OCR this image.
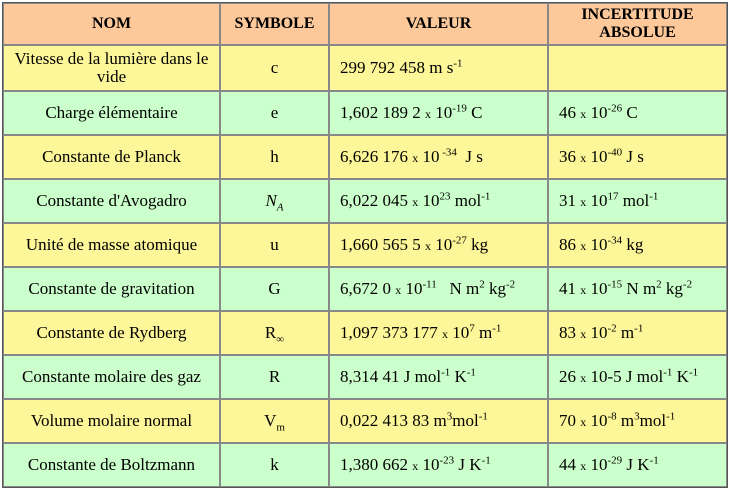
NOM	SYMBOLE	VALEUR	INCERTITUDE
ABSOLUE
Vitesse de la lumière dans le vide	c	299 792 458 m $s^{-1}$	
Charge élémentaire	e	1,602 189 2 x $10^{-19}$ C	46 x $10^{-26}$ C
Constante de Planck	h	6,626 176 x 10 $^{-34}$  J s	36 x $10^{-40}$ J s
Constante d'Avogadro	$N_A$	6,022 045 x $10^{23}$ mol$^{-1}$	31 x $10^{17}$ mol$^{-1}$
Unité de masse atomique	u	1,660 565 5 x $10^{-27}$ kg	86 x $10^{-34}$ kg
Constante de gravitation	G	6,672 0 x $10^{-11}$   N $m^2$ $kg^{-2}$	41 x $10^{-15}$ N $m^2$ $kg^{-2}$
Constante de Rydberg	$R_\infty$	1,097 373 177 x $10^7$ $m^{-1}$	83 x $10^{-2}$ $m^{-1}$
Constante molaire des gaz	R	8,314 41 J mol$^{-1}$ $K^{-1}$	26 x 10-5 J mol$^{-1}$ $K^{-1}$
Volume molaire normal	$V_m$	0,022 413 83 $m^3mol^{-1}$	70 x $10^{-8}$ $m^3mol^{-1}$
Constante de Boltzmann	k	1,380 662 x $10^{-23}$ J $K^{-1}$	44 x $10^{-29}$ J $K^{-1}$
